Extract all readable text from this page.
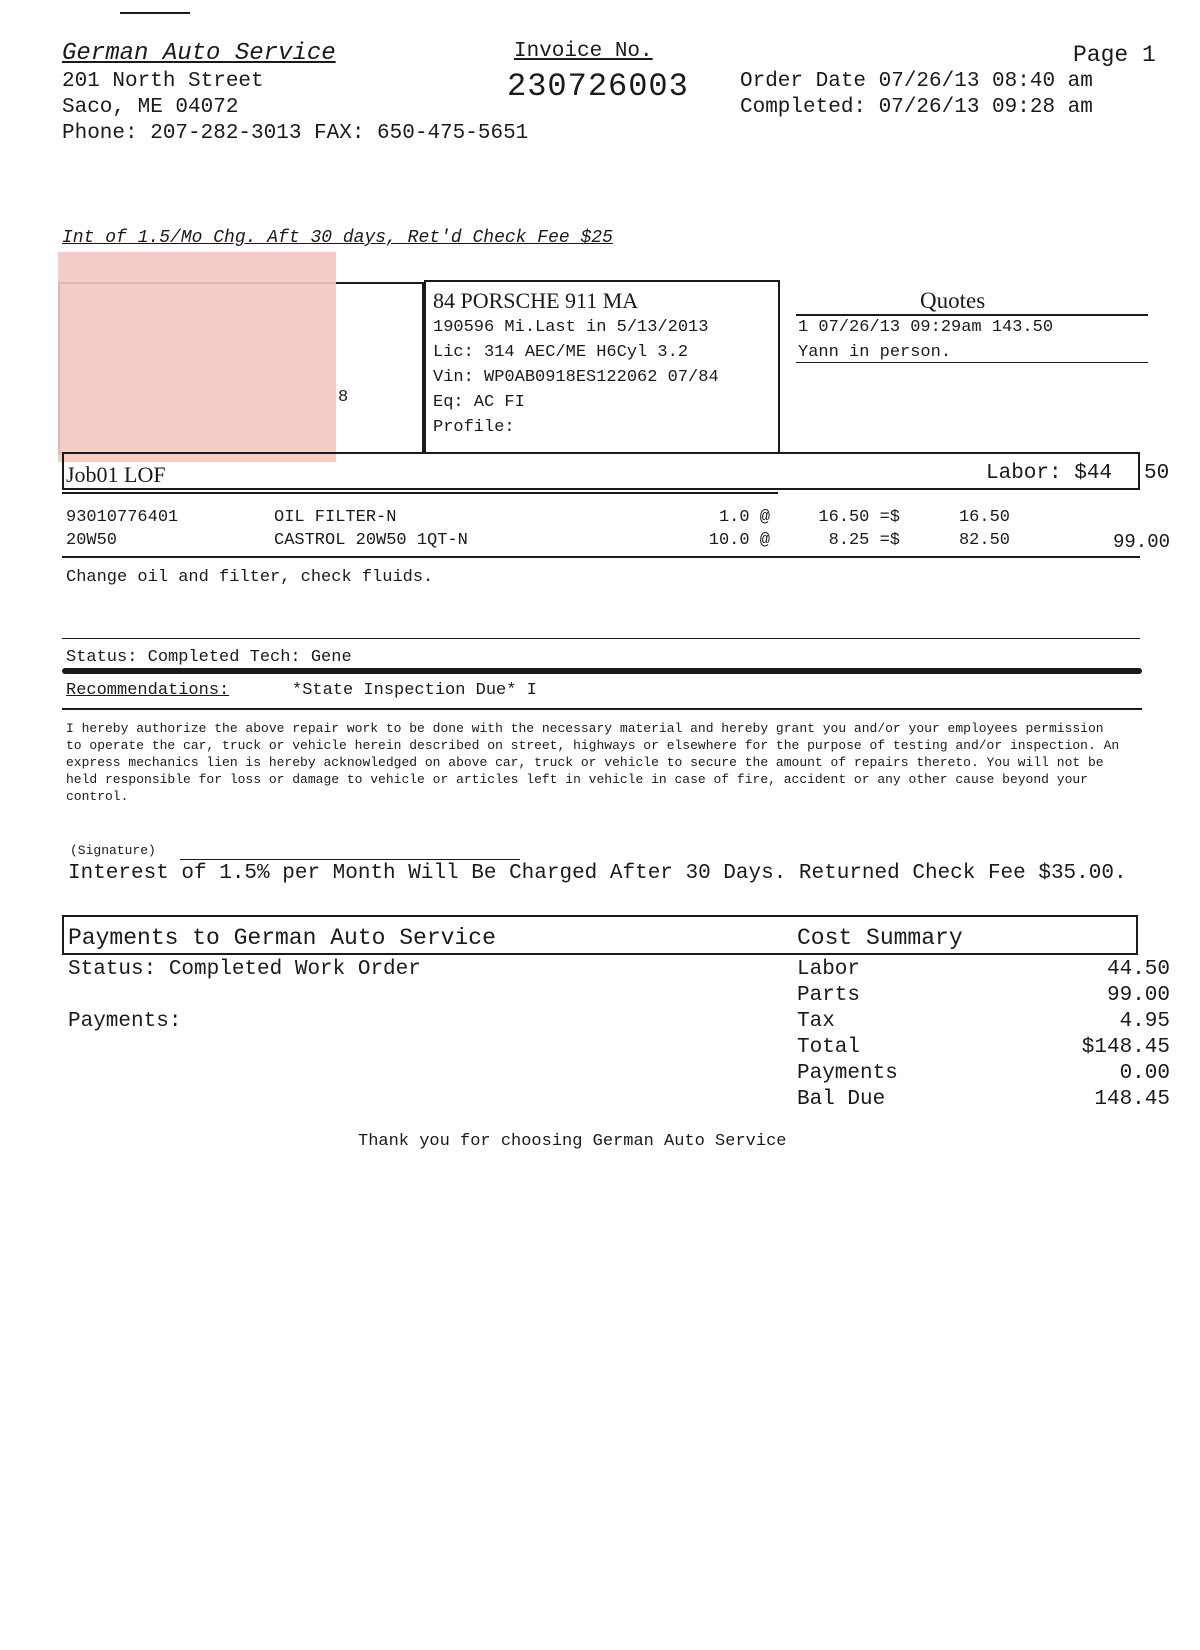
German Auto Service
201 North Street
Saco, ME 04072
Phone: 207-282-3013 FAX: 650-475-5651
Invoice No.
230726003
Page 1
Order Date 07/26/13 08:40 am
Completed: 07/26/13 09:28 am
Int of 1.5/Mo Chg. Aft 30 days, Ret'd Check Fee $25
8
84 PORSCHE 911 MA
190596 Mi.Last in 5/13/2013
Lic: 314 AEC/ME H6Cyl 3.2
Vin: WP0AB0918ES122062 07/84
Eq: AC FI
Profile:
Quotes
1 07/26/13 09:29am 143.50
Yann in person.
Job01 LOF	Labor: $44 50
93010776401	OIL FILTER-N	1.0 @	16.50 =$	16.50
20W50	CASTROL 20W50 1QT-N	10.0 @	8.25 =$	82.50	99.00
Change oil and filter, check fluids.
Status: Completed Tech: Gene
Recommendations:	*State Inspection Due* I
I hereby authorize the above repair work to be done with the necessary material and hereby grant you and/or your employees permission to operate the car, truck or vehicle herein described on street, highways or elsewhere for the purpose of testing and/or inspection. An express mechanics lien is hereby acknowledged on above car, truck or vehicle to secure the amount of repairs thereto. You will not be held responsible for loss or damage to vehicle or articles left in vehicle in case of fire, accident or any other cause beyond your control.
(Signature)
Interest of 1.5% per Month Will Be Charged After 30 Days. Returned Check Fee $35.00.
Payments to German Auto Service	Cost Summary
Status: Completed Work Order
Payments:
Labor	44.50
Parts	99.00
Tax	4.95
Total	$148.45
Payments	0.00
Bal Due	148.45
Thank you for choosing German Auto Service
